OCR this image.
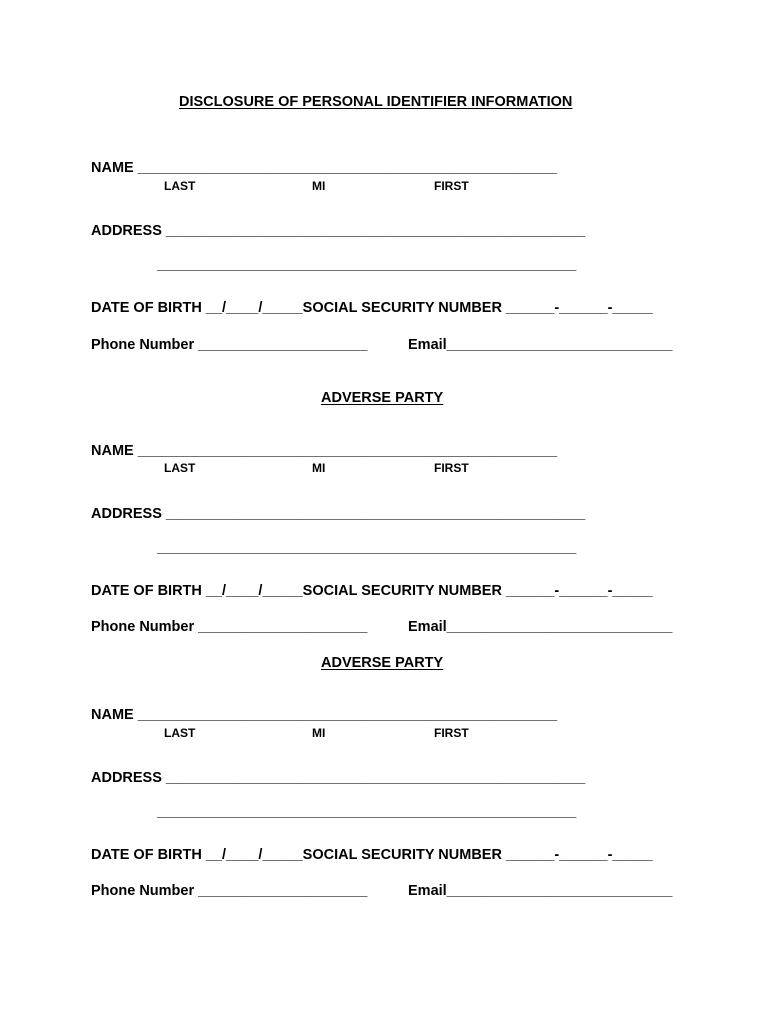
DISCLOSURE OF PERSONAL IDENTIFIER INFORMATION
NAME ____________________________________________________
LAST	MI	FIRST
ADDRESS ____________________________________________________
____________________________________________________
DATE OF BIRTH __/____/_____SOCIAL SECURITY NUMBER ______-______-_____
Phone Number _____________________	Email____________________________
ADVERSE PARTY
NAME ____________________________________________________
LAST	MI	FIRST
ADDRESS ____________________________________________________
____________________________________________________
DATE OF BIRTH __/____/_____SOCIAL SECURITY NUMBER ______-______-_____
Phone Number _____________________	Email____________________________
ADVERSE PARTY
NAME ____________________________________________________
LAST	MI	FIRST
ADDRESS ____________________________________________________
____________________________________________________
DATE OF BIRTH __/____/_____SOCIAL SECURITY NUMBER ______-______-_____
Phone Number _____________________	Email____________________________
